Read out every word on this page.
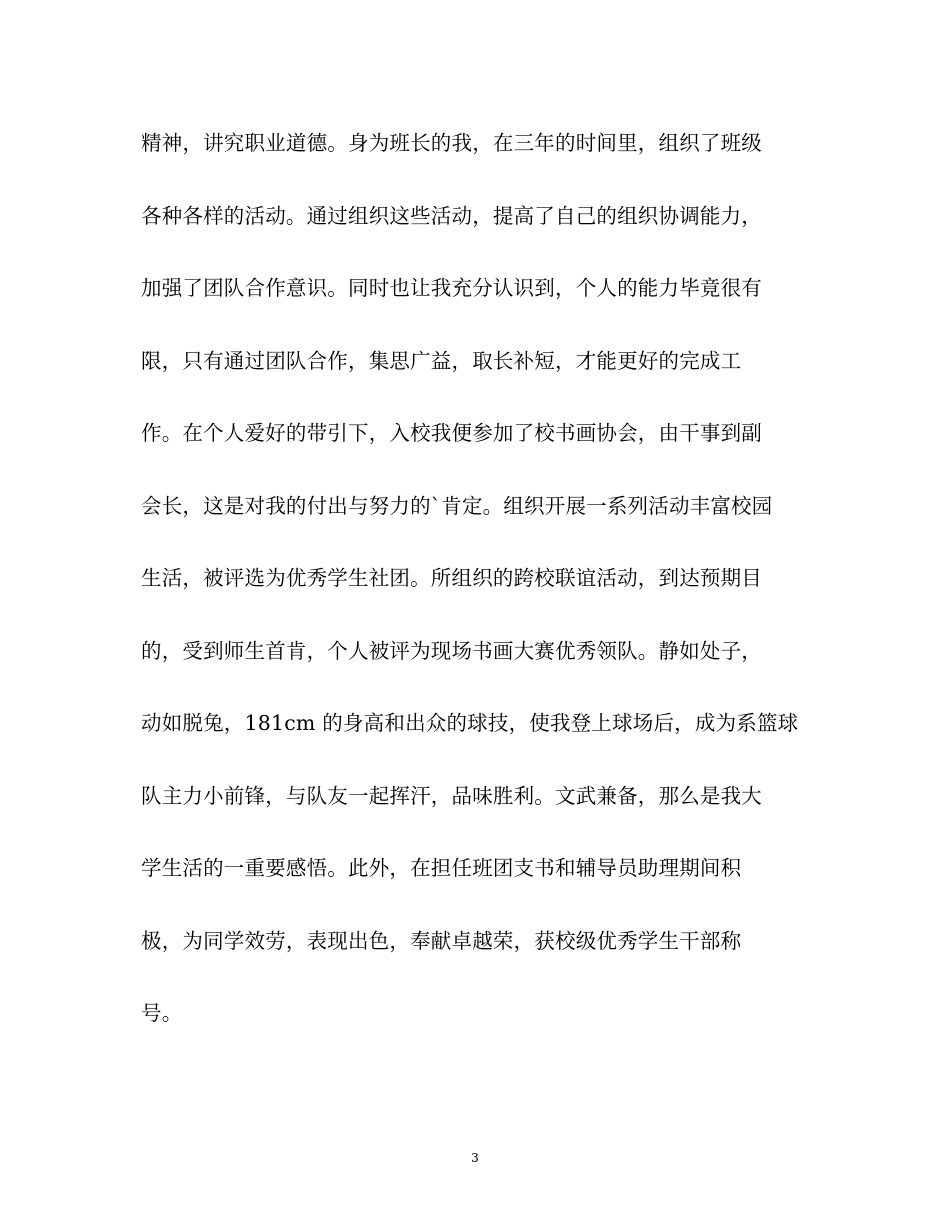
精神，讲究职业道德。身为班长的我，在三年的时间里，组织了班级
各种各样的活动。通过组织这些活动，提高了自己的组织协调能力，
加强了团队合作意识。同时也让我充分认识到，个人的能力毕竟很有
限，只有通过团队合作，集思广益，取长补短，才能更好的完成工
作。在个人爱好的带引下，入校我便参加了校书画协会，由干事到副
会长，这是对我的付出与努力的`肯定。组织开展一系列活动丰富校园
生活，被评选为优秀学生社团。所组织的跨校联谊活动，到达预期目
的，受到师生首肯，个人被评为现场书画大赛优秀领队。静如处子，
动如脱兔，181cm 的身高和出众的球技，使我登上球场后，成为系篮球
队主力小前锋，与队友一起挥汗，品味胜利。文武兼备，那么是我大
学生活的一重要感悟。此外，在担任班团支书和辅导员助理期间积
极，为同学效劳，表现出色，奉献卓越荣，获校级优秀学生干部称
号。
3
